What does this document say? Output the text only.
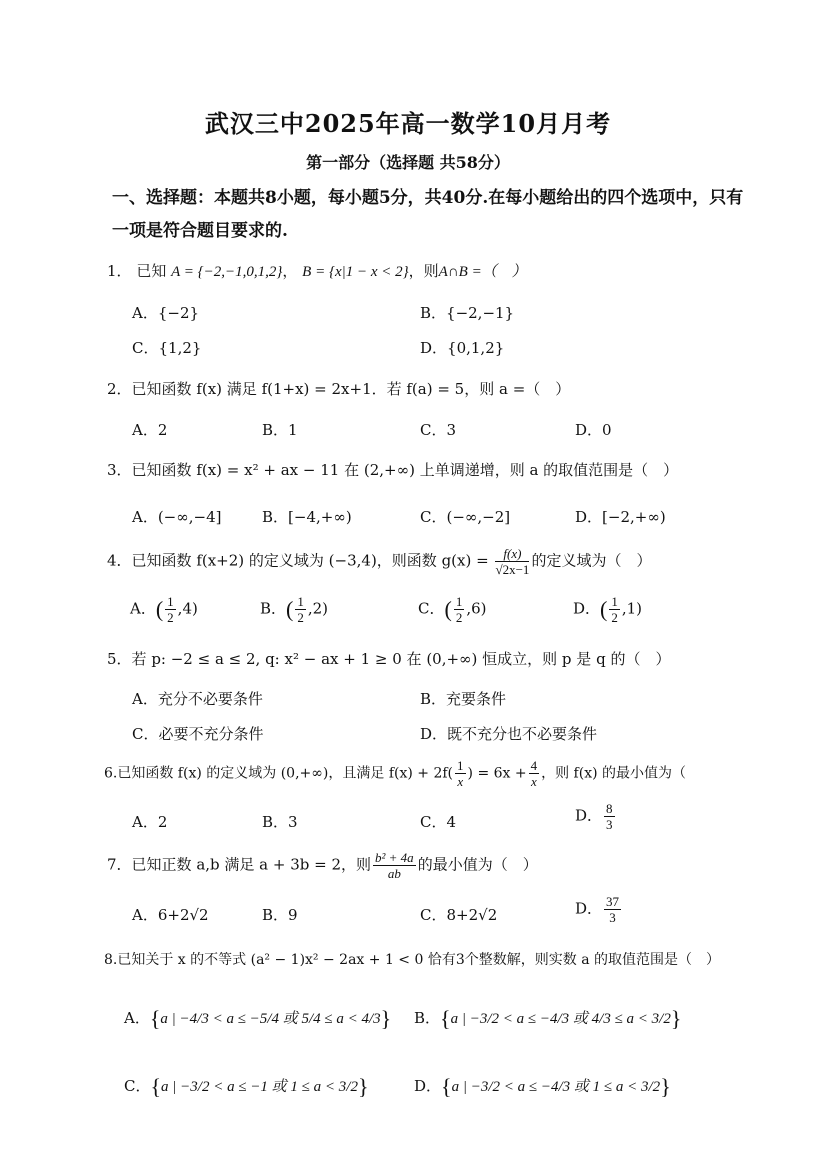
武汉三中2025年高一数学10月月考
第一部分（选择题 共58分）
一、选择题：本题共8小题，每小题5分，共40分.在每小题给出的四个选项中，只有一项是符合题目要求的.
1． 已知 A = {−2,−1,0,1,2}， B = {x|1 − x < 2}，则A∩B =（　）
A．{−2}	B．{−2,−1}
C．{1,2}	D．{0,1,2}
2．已知函数 f(x) 满足 f(1+x) = 2x+1．若 f(a) = 5，则 a =（　）
A．2	B．1	C．3	D．0
3．已知函数 f(x) = x² + ax − 11 在 (2,+∞) 上单调递增，则 a 的取值范围是（　）
A．(−∞,−4]	B．[−4,+∞)	C．(−∞,−2]	D．[−2,+∞)
4．已知函数 f(x+2) 的定义域为 (−3,4)，则函数 $g(x) = \frac{f(x)}{√2x-1}$ 的定义域为（　）
A．( $\frac{1}{2} ,4$)	B．( $\frac{1}{2} ,2$)	C．( $\frac{1}{2} ,6$)	D．( $\frac{1}{2} ,1$)
5．若 p: −2 ≤ a ≤ 2, q: x² − ax + 1 ≥ 0 在 (0,+∞) 恒成立，则 p 是 q 的（　）
A．充分不必要条件	B．充要条件
C．必要不充分条件	D．既不充分也不必要条件
6.已知函数 f(x) 的定义域为 (0,+∞)，且满足 $f(x) + 2f( \frac{1}{x}$ ) = $6x + \frac{4}{x}$ ，则 f(x) 的最小值为（
A．2	B．3	C．4	D． $\frac{8}{3}$
7．已知正数 a,b 满足 a + 3b = 2，则 $\frac{\text{b² + 4a}}{ab}$ 的最小值为（　）
A．6+2√2	B．9	C．8+2√2	D． $\frac{37}{3}$
8.已知关于 x 的不等式 (a² − 1)x² − 2ax + 1 < 0 恰有3个整数解，则实数 a 的取值范围是（　）
A．{a | −4/3 < a ≤ −5/4 或 5/4 ≤ a < 4/3} B．{a | −3/2 < a ≤ −4/3 或 4/3 ≤ a < 3/2}
C．{a | −3/2 < a ≤ −1 或 1 ≤ a < 3/2}	D．{a | −3/2 < a ≤ −4/3 或 1 ≤ a < 3/2}
